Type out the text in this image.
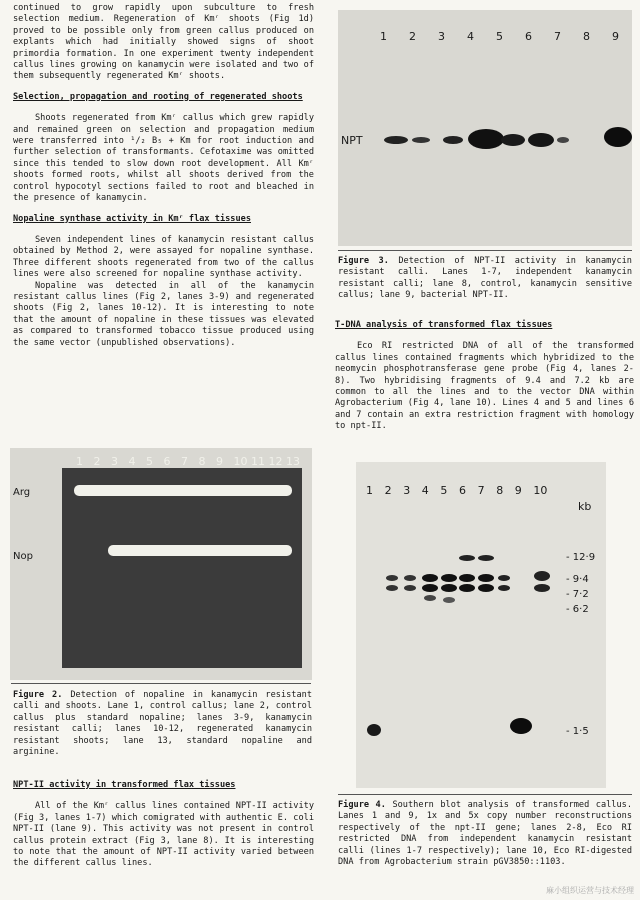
continued to grow rapidly upon subculture to fresh selection medium. Regeneration of Kmʳ shoots (Fig 1d) proved to be possible only from green callus produced on explants which had initially showed signs of shoot primordia formation. In one experiment twenty independent callus lines growing on kanamycin were isolated and two of them subsequently regenerated Kmʳ shoots.

Selection, propagation and rooting of regenerated shoots

Shoots regenerated from Kmʳ callus which grew rapidly and remained green on selection and propagation medium were transferred into ¹/₂ B₅ + Km for root induction and further selection of transformants. Cefotaxime was omitted since this tended to slow down root development. All Kmʳ shoots formed roots, whilst all shoots derived from the control hypocotyl sections failed to root and bleached in the presence of kanamycin.

Nopaline synthase activity in Kmʳ flax tissues

Seven independent lines of kanamycin resistant callus obtained by Method 2, were assayed for nopaline synthase. Three different shoots regenerated from two of the callus lines were also screened for nopaline synthase activity.

Nopaline was detected in all of the kanamycin resistant callus lines (Fig 2, lanes 3-9) and regenerated shoots (Fig 2, lanes 10-12). It is interesting to note that the amount of nopaline in these tissues was elevated as compared to transformed tobacco tissue produced using the same vector (unpublished observations).

1 2 3 4 5 6 7 8 9 10 11 12 13
Arg
Nop

Figure 2. Detection of nopaline in kanamycin resistant calli and shoots. Lane 1, control callus; lane 2, control callus plus standard nopaline; lanes 3-9, kanamycin resistant calli; lanes 10-12, regenerated kanamycin resistant shoots; lane 13, standard nopaline and arginine.

NPT-II activity in transformed flax tissues

All of the Kmʳ callus lines contained NPT-II activity (Fig 3, lanes 1-7) which comigrated with authentic E. coli NPT-II (lane 9). This activity was not present in control callus protein extract (Fig 3, lane 8). It is interesting to note that the amount of NPT-II activity varied between the different callus lines.

1 2 3 4 5 6 7 8 9
NPT

Figure 3. Detection of NPT-II activity in kanamycin resistant calli. Lanes 1-7, independent kanamycin resistant calli; lane 8, control, kanamycin sensitive callus; lane 9, bacterial NPT-II.

T-DNA analysis of transformed flax tissues

Eco RI restricted DNA of all of the transformed callus lines contained fragments which hybridized to the neomycin phosphotransferase gene probe (Fig 4, lanes 2-8). Two hybridising fragments of 9.4 and 7.2 kb are common to all the lines and to the vector DNA within Agrobacterium (Fig 4, lane 10). Lines 4 and 5 and lines 6 and 7 contain an extra restriction fragment with homology to npt-II.

1 2 3 4 5 6 7 8 9 10
kb
- 12·9
- 9·4
- 7·2
- 6·2
- 1·5

Figure 4. Southern blot analysis of transformed callus. Lanes 1 and 9, 1x and 5x copy number reconstructions respectively of the npt-II gene; lanes 2-8, Eco RI restricted DNA from independent kanamycin resistant calli (lines 1-7 respectively); lane 10, Eco RI-digested DNA from Agrobacterium strain pGV3850::1103.

麻小组织运营与技术经理
